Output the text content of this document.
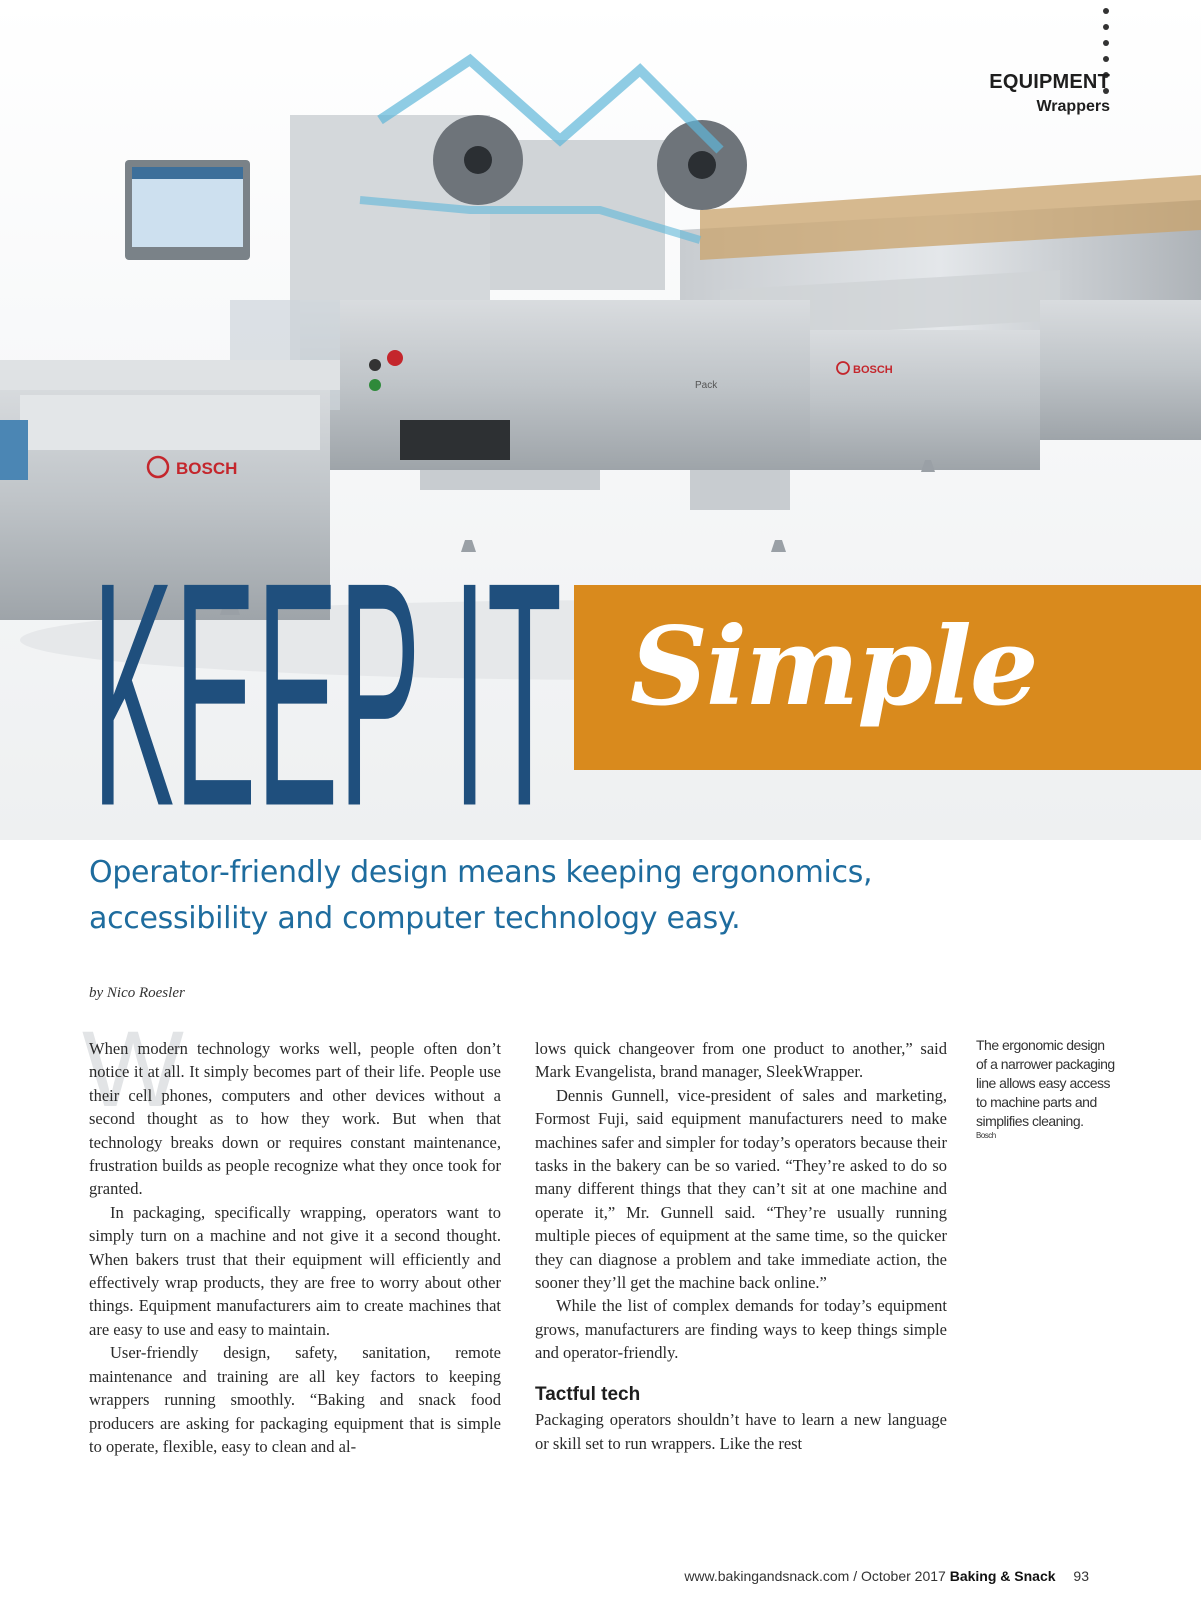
BOSCH
BOSCH
Pack
EQUIPMENT
Wrappers
KEEP IT Simple
Operator-friendly design means keeping ergonomics, accessibility and computer technology easy.
by Nico Roesler
W

When modern technology works well, people often don’t notice it at all. It simply becomes part of their life. People use their cell phones, computers and other devices without a second thought as to how they work. But when that technology breaks down or requires constant maintenance, frustration builds as people recognize what they once took for granted.

In packaging, specifically wrapping, operators want to simply turn on a machine and not give it a second thought. When bakers trust that their equipment will efficiently and effectively wrap products, they are free to worry about other things. Equipment manufacturers aim to create machines that are easy to use and easy to maintain.

User-friendly design, safety, sanitation, remote maintenance and training are all key factors to keeping wrappers running smoothly. “Baking and snack food producers are asking for packaging equipment that is simple to operate, flexible, easy to clean and al-

lows quick changeover from one product to another,” said Mark Evangelista, brand manager, SleekWrapper.

Dennis Gunnell, vice-president of sales and marketing, Formost Fuji, said equipment manufacturers need to make machines safer and simpler for today’s operators because their tasks in the bakery can be so varied. “They’re asked to do so many different things that they can’t sit at one machine and operate it,” Mr. Gunnell said. “They’re usually running multiple pieces of equipment at the same time, so the quicker they can diagnose a problem and take immediate action, the sooner they’ll get the machine back online.”

While the list of complex demands for today’s equipment grows, manufacturers are finding ways to keep things simple and operator-friendly.

Tactful tech

Packaging operators shouldn’t have to learn a new language or skill set to run wrappers. Like the rest

The ergonomic design of a narrower packaging line allows easy access to machine parts and simplifies cleaning.
Bosch
www.bakingandsnack.com / October 2017 Baking & Snack 93
